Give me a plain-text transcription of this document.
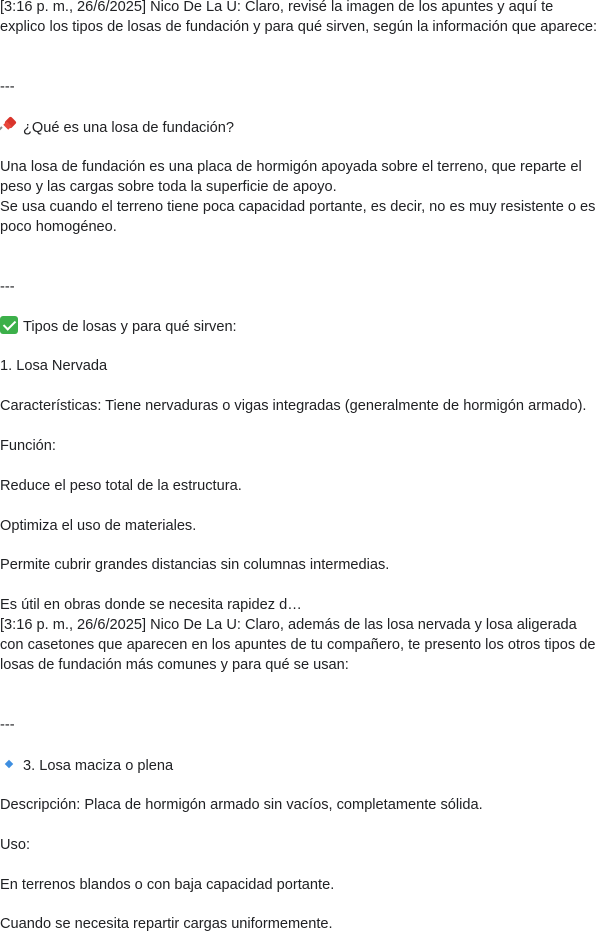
[3:16 p. m., 26/6/2025] Nico De La U: Claro, revisé la imagen de los apuntes y aquí te
explico los tipos de losas de fundación y para qué sirven, según la información que aparece:
---
¿Qué es una losa de fundación?
Una losa de fundación es una placa de hormigón apoyada sobre el terreno, que reparte el
peso y las cargas sobre toda la superficie de apoyo.
Se usa cuando el terreno tiene poca capacidad portante, es decir, no es muy resistente o es
poco homogéneo.
---
Tipos de losas y para qué sirven:
1. Losa Nervada
Características: Tiene nervaduras o vigas integradas (generalmente de hormigón armado).
Función:
Reduce el peso total de la estructura.
Optimiza el uso de materiales.
Permite cubrir grandes distancias sin columnas intermedias.
Es útil en obras donde se necesita rapidez d…
[3:16 p. m., 26/6/2025] Nico De La U: Claro, además de las losa nervada y losa aligerada
con casetones que aparecen en los apuntes de tu compañero, te presento los otros tipos de
losas de fundación más comunes y para qué se usan:
---
3. Losa maciza o plena
Descripción: Placa de hormigón armado sin vacíos, completamente sólida.
Uso:
En terrenos blandos o con baja capacidad portante.
Cuando se necesita repartir cargas uniformemente.
